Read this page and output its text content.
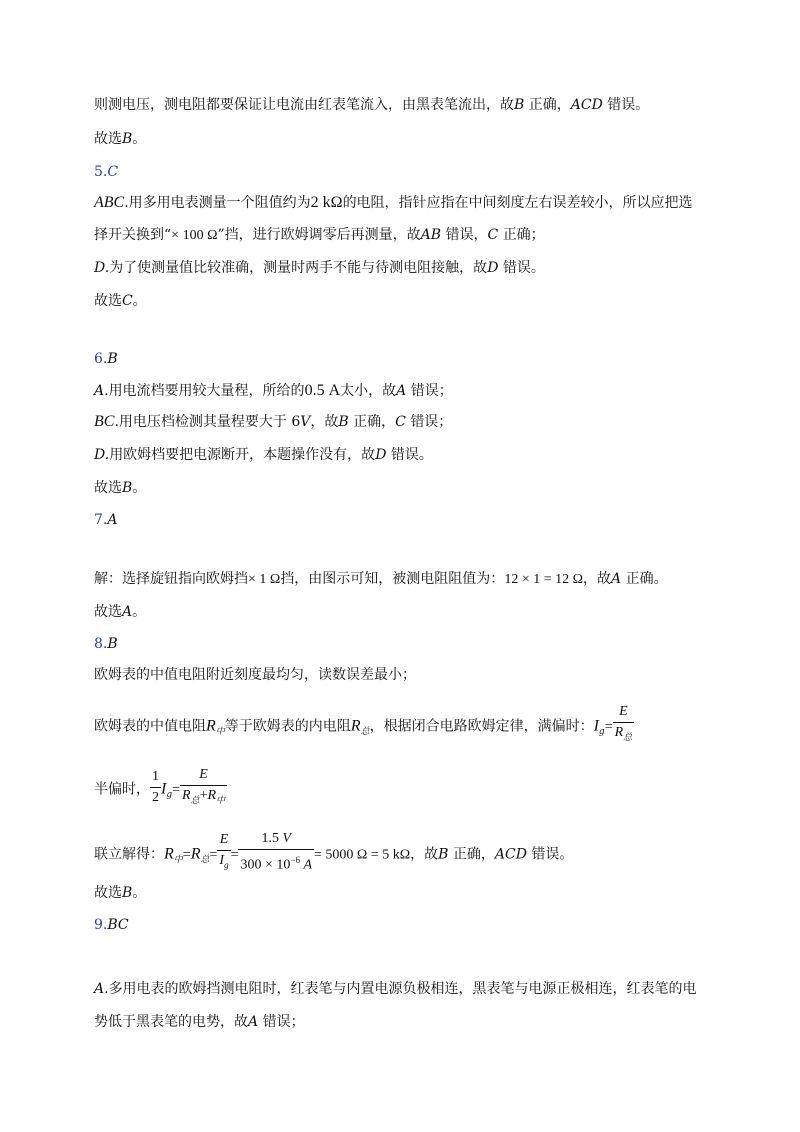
则测电压，测电阻都要保证让电流由红表笔流入，由黑表笔流出，故B 正确，ACD 错误。
故选B。
5.C
ABC.用多用电表测量一个阻值约为2 kΩ的电阻，指针应指在中间刻度左右误差较小，所以应把选
择开关换到“× 100 Ω”挡，进行欧姆调零后再测量，故AB 错误，C 正确；
D.为了使测量值比较准确，测量时两手不能与待测电阻接触，故D 错误。
故选C。
6.B
A.用电流档要用较大量程，所给的0.5 A太小，故A 错误；
BC.用电压档检测其量程要大于 6V，故B 正确，C 错误；
D.用欧姆档要把电源断开，本题操作没有，故D 错误。
故选B。
7.A
解：选择旋钮指向欧姆挡× 1 Ω挡，由图示可知，被测电阻阻值为：12 × 1 = 12 Ω，故A 正确。
故选A。
8.B
欧姆表的中值电阻附近刻度最均匀，读数误差最小；
欧姆表的中值电阻$R_中$等于欧姆表的内电阻$R_总$，根据闭合电路欧姆定律，满偏时：$I_g= \frac{E}{R_总}$
半偏时， $\frac{1}{2} I_g= \frac{E}{R_总+R_中}$
联立解得：$R_中=R_总= \frac{E}{I_g} = \frac{1.5 V}{300 \times 10^{-6} A} = 5000$ Ω = 5 kΩ，故B 正确，ACD 错误。
故选B。
9.BC
A.多用电表的欧姆挡测电阻时，红表笔与内置电源负极相连，黑表笔与电源正极相连，红表笔的电
势低于黑表笔的电势，故A 错误；
